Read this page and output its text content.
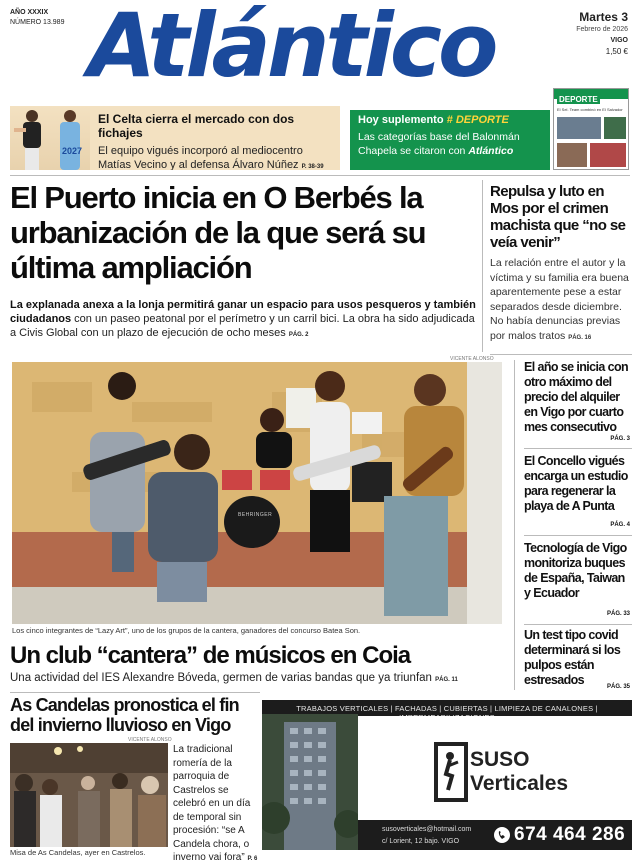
AÑO XXXIX
NÚMERO 13.989 Atlántico	Martes 3
Febrero de 2026
VIGO
1,50 €
2027
El Celta cierra el mercado con dos fichajes
El equipo vigués incorporó al mediocentro Matías Vecino y al defensa Álvaro Núñez P. 38-39
Hoy suplemento # DEPORTE
Las categorías base del Balonmán Chapela se citaron con Atlántico
DEPORTE
El Sel. Team combinó en El Salvador
El Puerto inicia en O Berbés la urbanización de la que será su última ampliación
La explanada anexa a la lonja permitirá ganar un espacio para usos pesqueros y también ciudadanos con un paseo peatonal por el perímetro y un carril bici. La obra ha sido adjudicada a Civis Global con un plazo de ejecución de ocho meses PÁG. 2
Repulsa y luto en Mos por el crimen machista que “no se veía venir”
La relación entre el autor y la víctima y su familia era buena aparentemente pese a estar separados desde diciembre. No había denuncias previas por malos tratos PÁG. 16
VICENTE ALONSO
BEHRINGER
Los cinco integrantes de “Lazy Art”, uno de los grupos de la cantera, ganadores del concurso Batea Son.
Un club “cantera” de músicos en Coia
Una actividad del IES Alexandre Bóveda, germen de varias bandas que ya triunfan PÁG. 11
El año se inicia con otro máximo del precio del alquiler en Vigo por cuarto mes consecutivo
PÁG. 3
El Concello vigués encarga un estudio para regenerar la playa de A Punta
PÁG. 4
Tecnología de Vigo monitoriza buques de España, Taiwan y Ecuador
PÁG. 33
Un test tipo covid determinará si los pulpos están estresados	PÁG. 35
As Candelas pronostica el fin del invierno lluvioso en Vigo
VICENTE ALONSO
Misa de As Candelas, ayer en Castrelos.
La tradicional romería de la parroquia de Castrelos se celebró en un día de temporal sin procesión: “se A Candela chora, o inverno vai fora” P. 6
TRABAJOS VERTICALES | FACHADAS | CUBIERTAS | LIMPIEZA DE CANALONES |
SUSO
Verticales
susoverticales@hotmail.com
c/ Lorient, 12 bajo. VIGO	674 464 286
